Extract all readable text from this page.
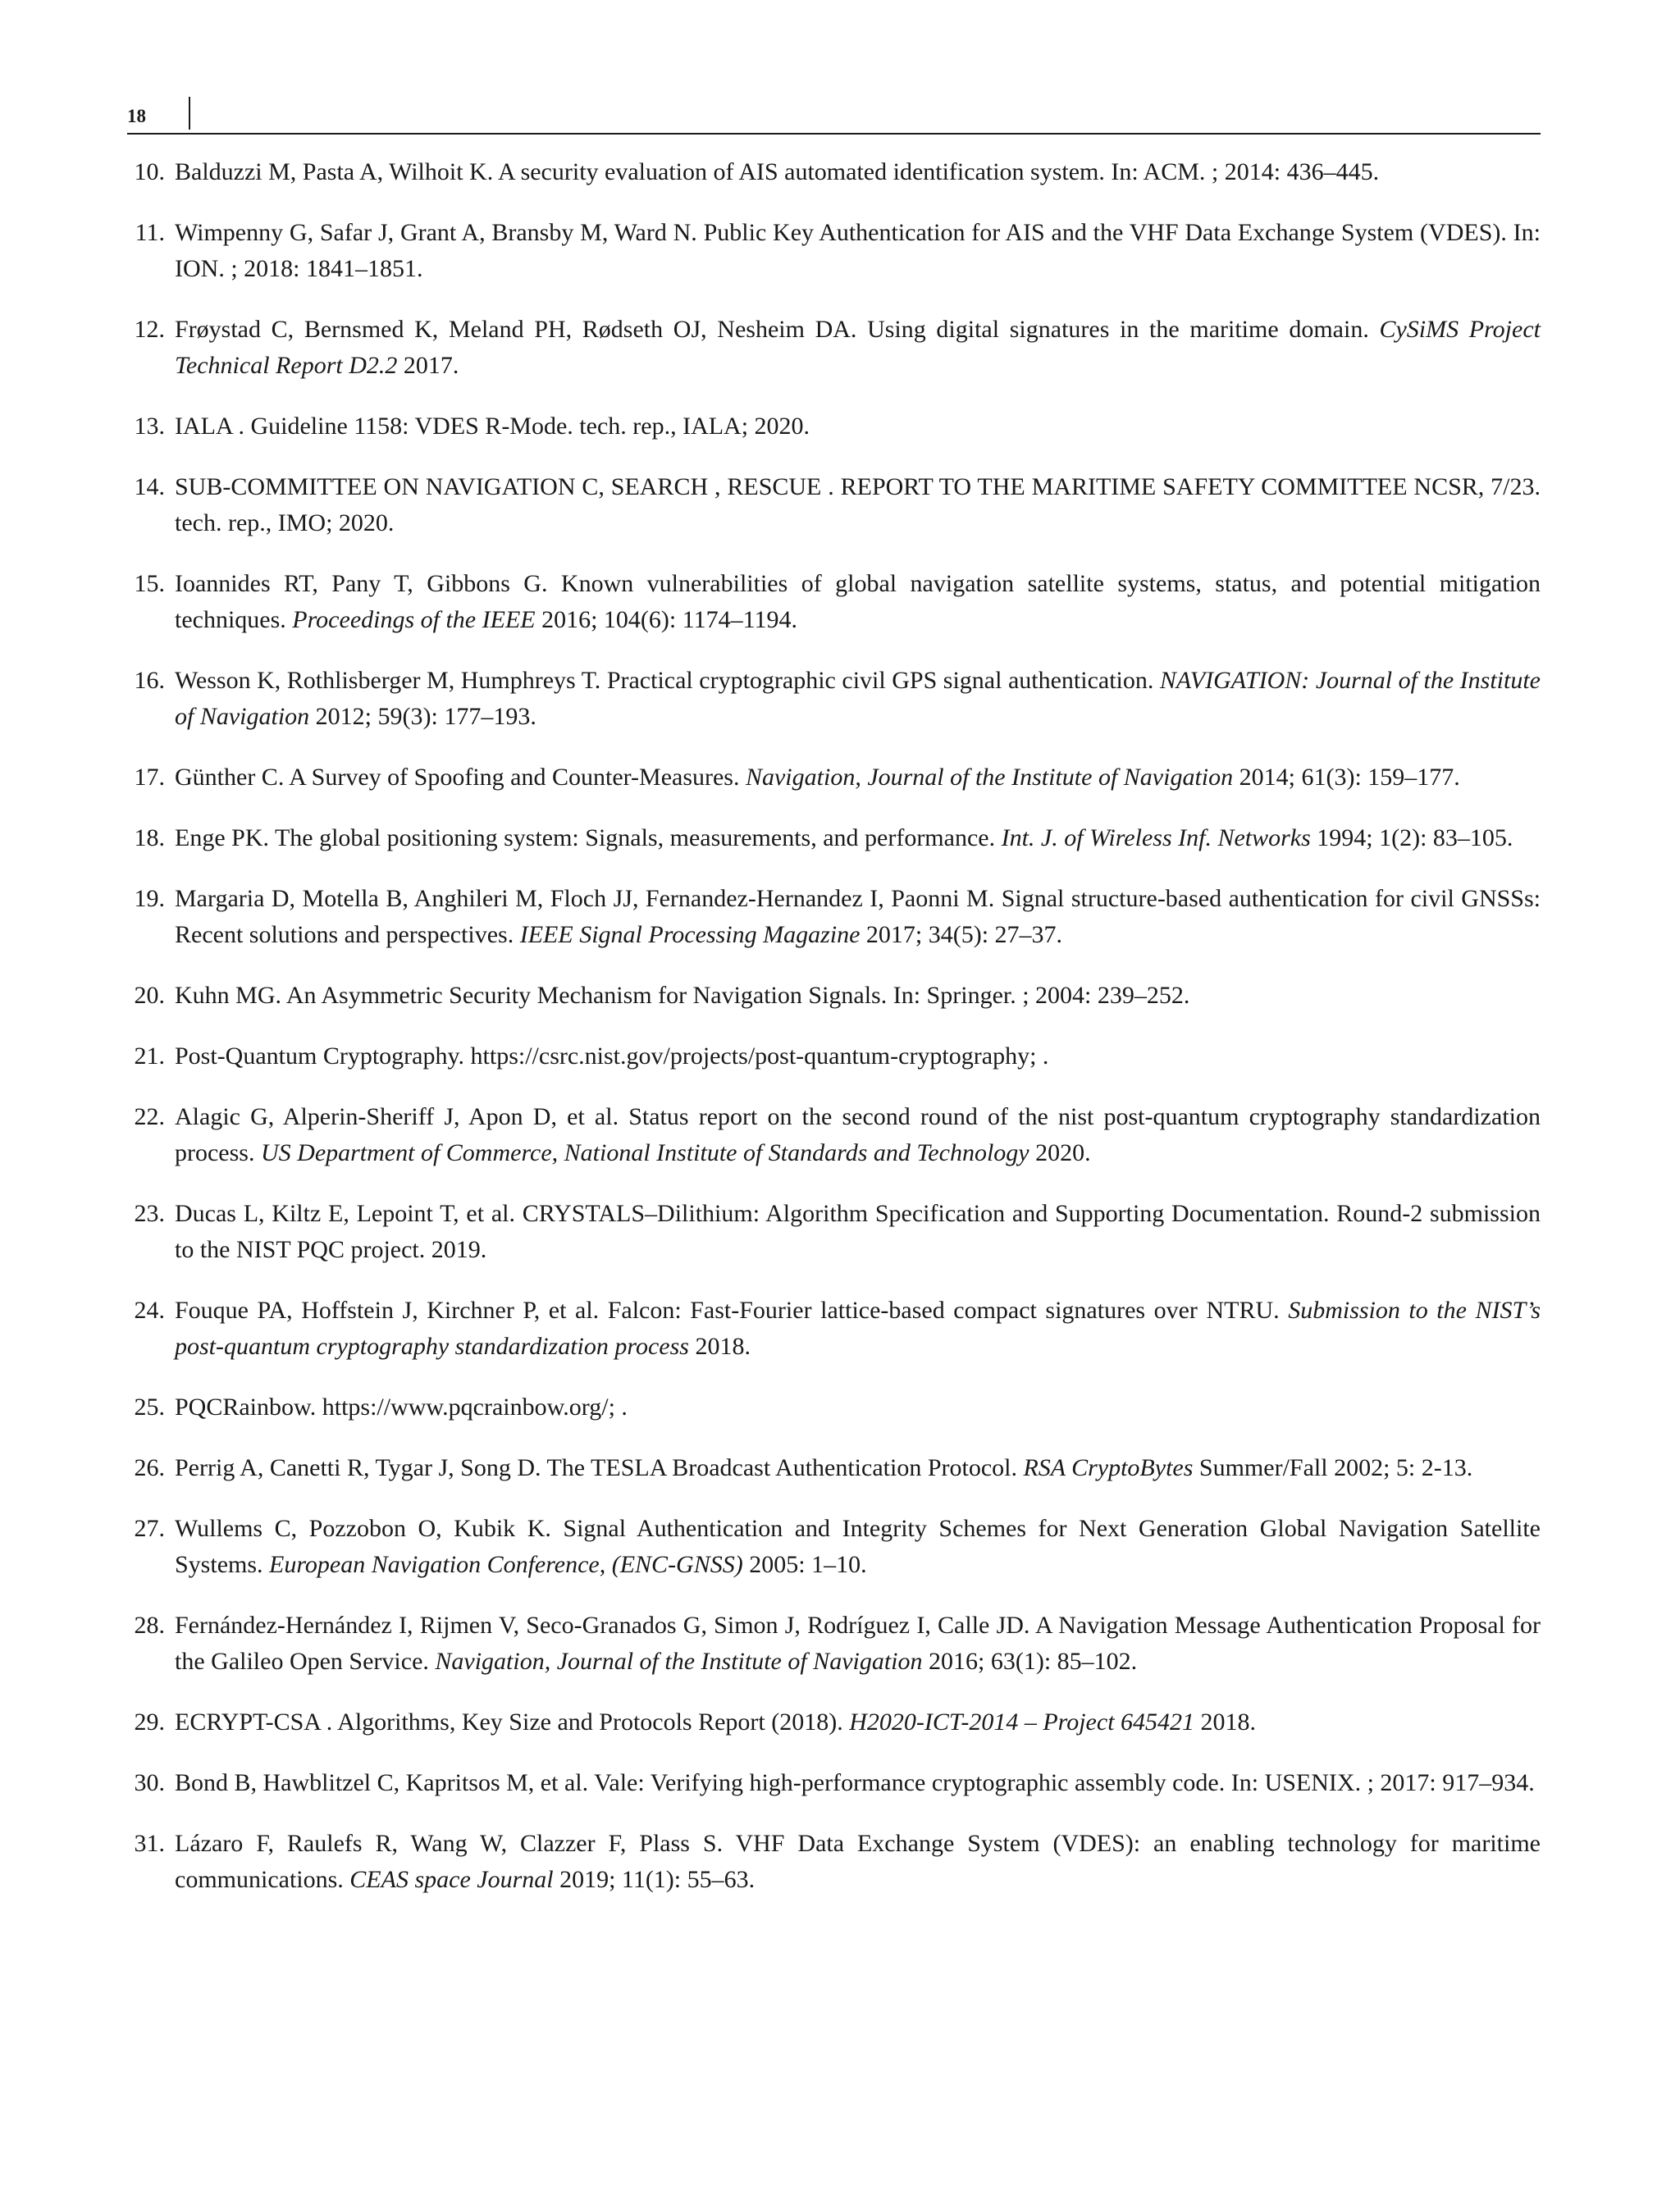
18
10. Balduzzi M, Pasta A, Wilhoit K. A security evaluation of AIS automated identification system. In: ACM. ; 2014: 436–445.
11. Wimpenny G, Safar J, Grant A, Bransby M, Ward N. Public Key Authentication for AIS and the VHF Data Exchange System (VDES). In: ION. ; 2018: 1841–1851.
12. Frøystad C, Bernsmed K, Meland PH, Rødseth OJ, Nesheim DA. Using digital signatures in the maritime domain. CySiMS Project Technical Report D2.2 2017.
13. IALA . Guideline 1158: VDES R-Mode. tech. rep., IALA; 2020.
14. SUB-COMMITTEE ON NAVIGATION C, SEARCH , RESCUE . REPORT TO THE MARITIME SAFETY COMMITTEE NCSR, 7/23. tech. rep., IMO; 2020.
15. Ioannides RT, Pany T, Gibbons G. Known vulnerabilities of global navigation satellite systems, status, and potential mitigation techniques. Proceedings of the IEEE 2016; 104(6): 1174–1194.
16. Wesson K, Rothlisberger M, Humphreys T. Practical cryptographic civil GPS signal authentication. NAVIGATION: Journal of the Institute of Navigation 2012; 59(3): 177–193.
17. Günther C. A Survey of Spoofing and Counter-Measures. Navigation, Journal of the Institute of Navigation 2014; 61(3): 159–177.
18. Enge PK. The global positioning system: Signals, measurements, and performance. Int. J. of Wireless Inf. Networks 1994; 1(2): 83–105.
19. Margaria D, Motella B, Anghileri M, Floch JJ, Fernandez-Hernandez I, Paonni M. Signal structure-based authentication for civil GNSSs: Recent solutions and perspectives. IEEE Signal Processing Magazine 2017; 34(5): 27–37.
20. Kuhn MG. An Asymmetric Security Mechanism for Navigation Signals. In: Springer. ; 2004: 239–252.
21. Post-Quantum Cryptography. https://csrc.nist.gov/projects/post-quantum-cryptography; .
22. Alagic G, Alperin-Sheriff J, Apon D, et al. Status report on the second round of the nist post-quantum cryptography standardization process. US Department of Commerce, National Institute of Standards and Technology 2020.
23. Ducas L, Kiltz E, Lepoint T, et al. CRYSTALS–Dilithium: Algorithm Specification and Supporting Documentation. Round-2 submission to the NIST PQC project. 2019.
24. Fouque PA, Hoffstein J, Kirchner P, et al. Falcon: Fast-Fourier lattice-based compact signatures over NTRU. Submission to the NIST’s post-quantum cryptography standardization process 2018.
25. PQCRainbow. https://www.pqcrainbow.org/; .
26. Perrig A, Canetti R, Tygar J, Song D. The TESLA Broadcast Authentication Protocol. RSA CryptoBytes Summer/Fall 2002; 5: 2-13.
27. Wullems C, Pozzobon O, Kubik K. Signal Authentication and Integrity Schemes for Next Generation Global Navigation Satellite Systems. European Navigation Conference, (ENC-GNSS) 2005: 1–10.
28. Fernández-Hernández I, Rijmen V, Seco-Granados G, Simon J, Rodríguez I, Calle JD. A Navigation Message Authentication Proposal for the Galileo Open Service. Navigation, Journal of the Institute of Navigation 2016; 63(1): 85–102.
29. ECRYPT-CSA . Algorithms, Key Size and Protocols Report (2018). H2020-ICT-2014 – Project 645421 2018.
30. Bond B, Hawblitzel C, Kapritsos M, et al. Vale: Verifying high-performance cryptographic assembly code. In: USENIX. ; 2017: 917–934.
31. Lázaro F, Raulefs R, Wang W, Clazzer F, Plass S. VHF Data Exchange System (VDES): an enabling technology for maritime communications. CEAS space Journal 2019; 11(1): 55–63.
